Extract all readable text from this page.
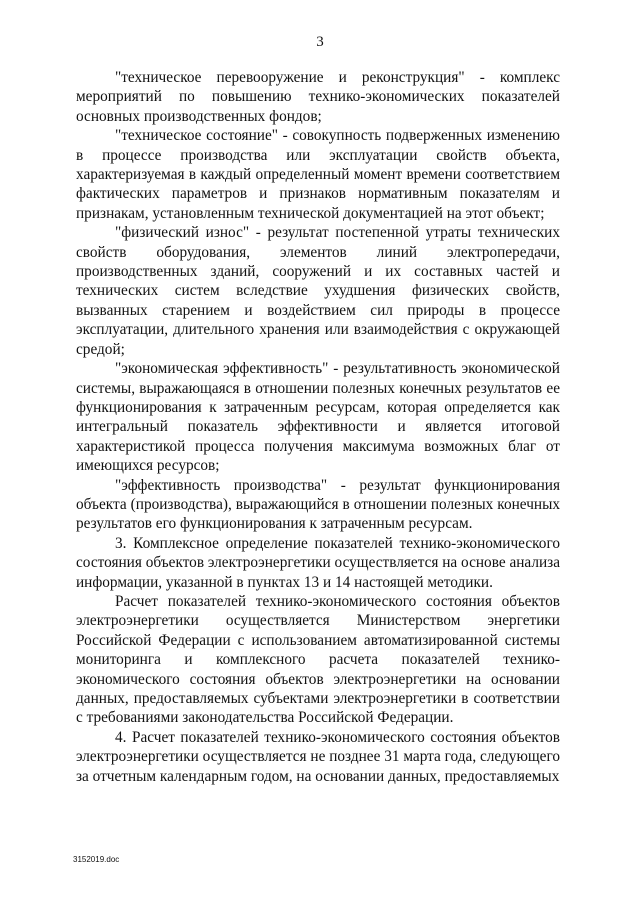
3

"техническое перевооружение и реконструкция" - комплекс мероприятий по повышению технико-экономических показателей основных производственных фондов;

"техническое состояние" - совокупность подверженных изменению в процессе производства или эксплуатации свойств объекта, характеризуемая в каждый определенный момент времени соответствием фактических параметров и признаков нормативным показателям и признакам, установленным технической документацией на этот объект;

"физический износ" - результат постепенной утраты технических свойств оборудования, элементов линий электропередачи, производственных зданий, сооружений и их составных частей и технических систем вследствие ухудшения физических свойств, вызванных старением и воздействием сил природы в процессе эксплуатации, длительного хранения или взаимодействия с окружающей средой;

"экономическая эффективность" - результативность экономической системы, выражающаяся в отношении полезных конечных результатов ее функционирования к затраченным ресурсам, которая определяется как интегральный показатель эффективности и является итоговой характеристикой процесса получения максимума возможных благ от имеющихся ресурсов;

"эффективность производства" - результат функционирования объекта (производства), выражающийся в отношении полезных конечных результатов его функционирования к затраченным ресурсам.

3. Комплексное определение показателей технико-экономического состояния объектов электроэнергетики осуществляется на основе анализа информации, указанной в пунктах 13 и 14 настоящей методики.

Расчет показателей технико-экономического состояния объектов электроэнергетики осуществляется Министерством энергетики Российской Федерации с использованием автоматизированной системы мониторинга и комплексного расчета показателей технико-экономического состояния объектов электроэнергетики на основании данных, предоставляемых субъектами электроэнергетики в соответствии с требованиями законодательства Российской Федерации.

4. Расчет показателей технико-экономического состояния объектов электроэнергетики осуществляется не позднее 31 марта года, следующего за отчетным календарным годом, на основании данных, предоставляемых

3152019.doc
